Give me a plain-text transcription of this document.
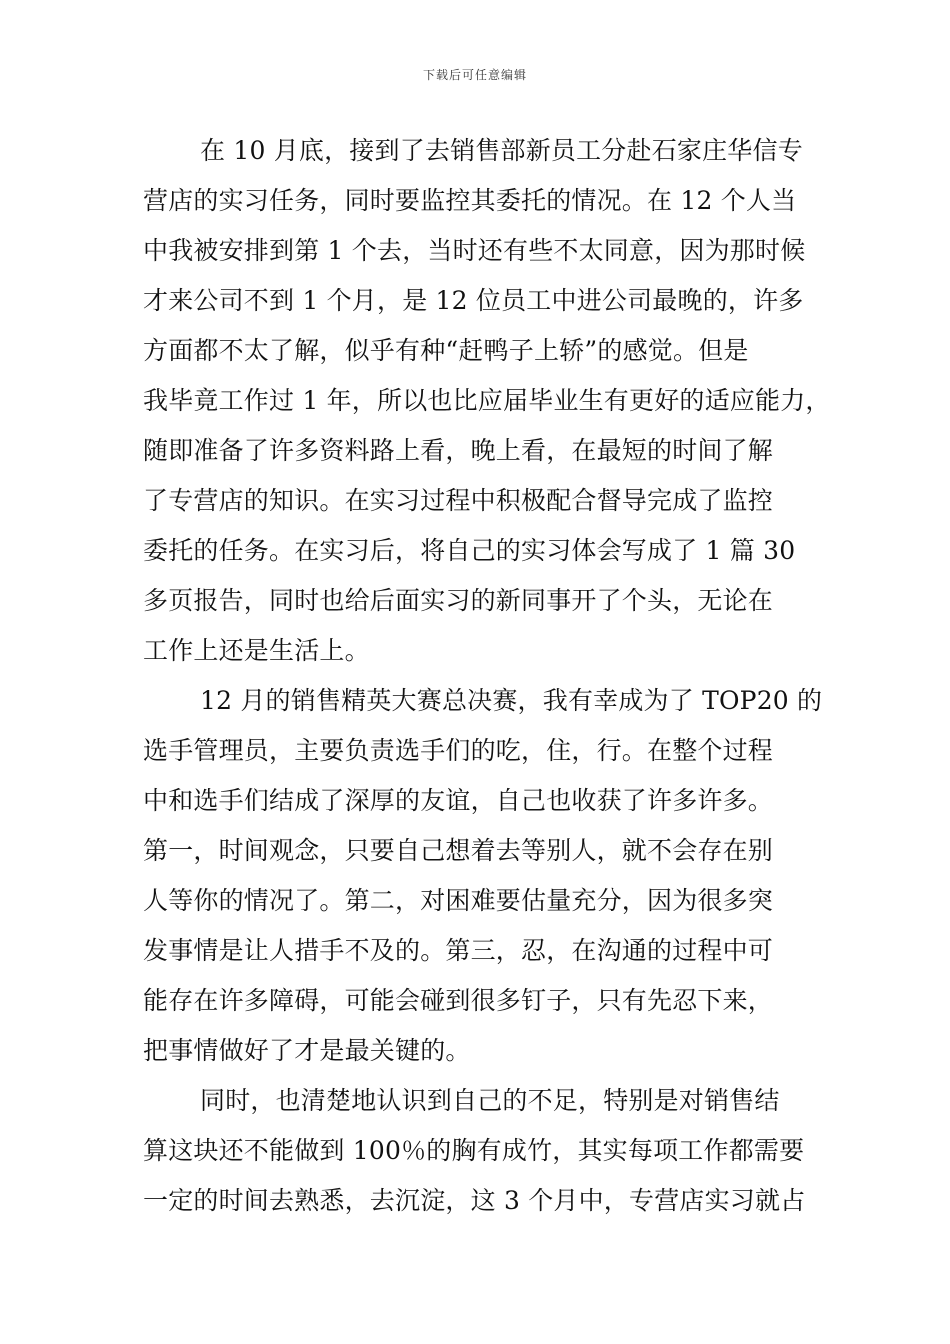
下载后可任意编辑
在 10 月底，接到了去销售部新员工分赴石家庄华信专
营店的实习任务，同时要监控其委托的情况。在 12 个人当
中我被安排到第 1 个去，当时还有些不太同意，因为那时候
才来公司不到 1 个月，是 12 位员工中进公司最晚的，许多
方面都不太了解，似乎有种“赶鸭子上轿”的感觉。但是
我毕竟工作过 1 年，所以也比应届毕业生有更好的适应能力，
随即准备了许多资料路上看，晚上看，在最短的时间了解
了专营店的知识。在实习过程中积极配合督导完成了监控
委托的任务。在实习后，将自己的实习体会写成了 1 篇 30
多页报告，同时也给后面实习的新同事开了个头，无论在
工作上还是生活上。
12 月的销售精英大赛总决赛，我有幸成为了 TOP20 的
选手管理员，主要负责选手们的吃，住，行。在整个过程
中和选手们结成了深厚的友谊，自己也收获了许多许多。
第一，时间观念，只要自己想着去等别人，就不会存在别
人等你的情况了。第二，对困难要估量充分，因为很多突
发事情是让人措手不及的。第三，忍，在沟通的过程中可
能存在许多障碍，可能会碰到很多钉子，只有先忍下来，
把事情做好了才是最关键的。
同时，也清楚地认识到自己的不足，特别是对销售结
算这块还不能做到 100％的胸有成竹，其实每项工作都需要
一定的时间去熟悉，去沉淀，这 3 个月中，专营店实习就占
